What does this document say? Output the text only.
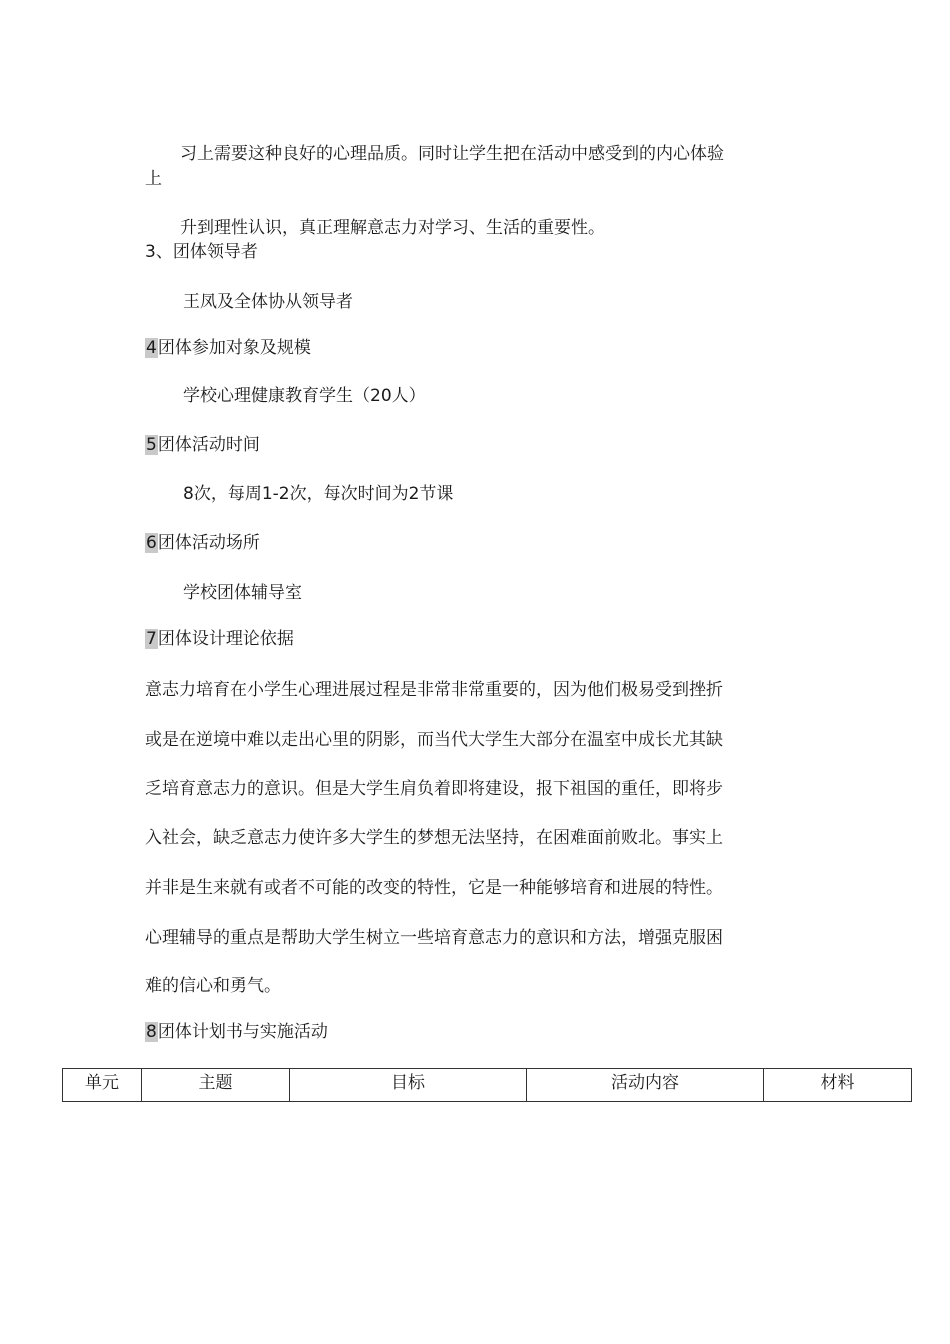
习上需要这种良好的心理品质。同时让学生把在活动中感受到的内心体验
上
升到理性认识，真正理解意志力对学习、生活的重要性。
3、团体领导者
王凤及全体协从领导者
4团体参加对象及规模
学校心理健康教育学生（20人）
5团体活动时间
8次，每周1-2次，每次时间为2节课
6团体活动场所
学校团体辅导室
7团体设计理论依据
意志力培育在小学生心理进展过程是非常非常重要的，因为他们极易受到挫折
或是在逆境中难以走出心里的阴影，而当代大学生大部分在温室中成长尤其缺
乏培育意志力的意识。但是大学生肩负着即将建设，报下祖国的重任，即将步
入社会，缺乏意志力使许多大学生的梦想无法坚持，在困难面前败北。事实上
并非是生来就有或者不可能的改变的特性，它是一种能够培育和进展的特性。
心理辅导的重点是帮助大学生树立一些培育意志力的意识和方法，增强克服困
难的信心和勇气。
8团体计划书与实施活动
单元	主题	目标	活动内容	材料
